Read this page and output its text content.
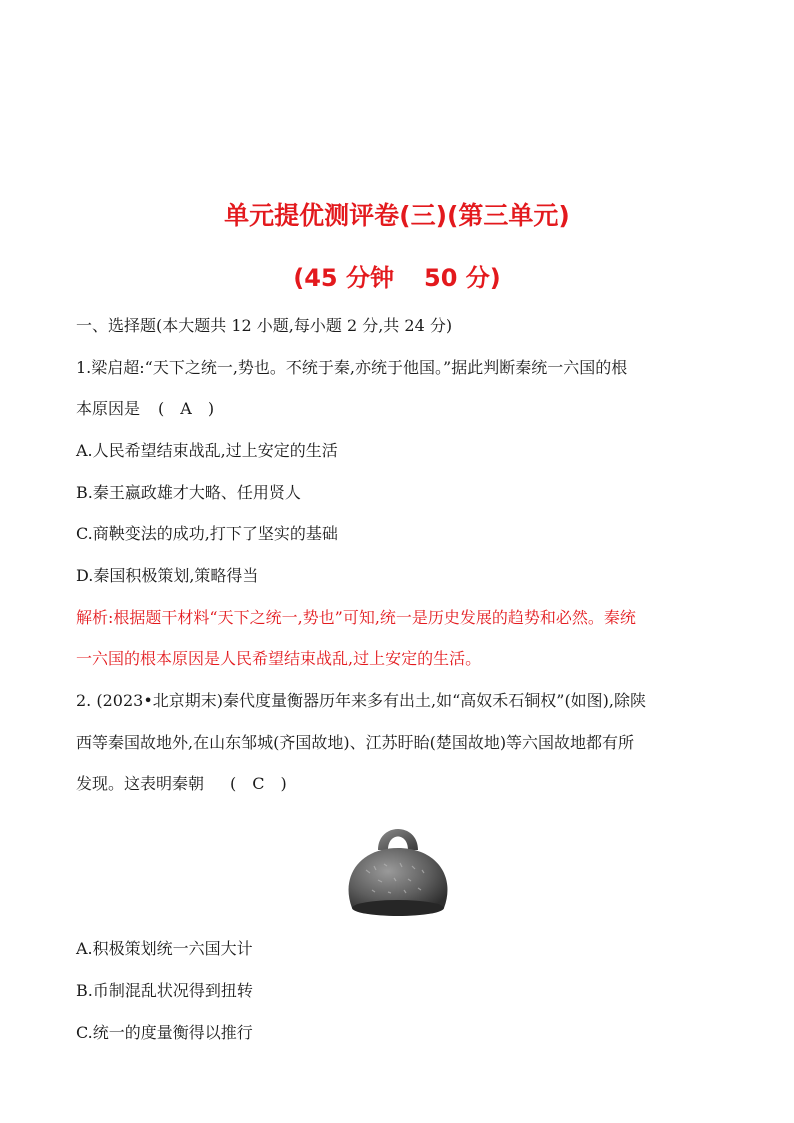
单元提优测评卷(三)(第三单元)
(45 分钟 50 分)
一、选择题(本大题共 12 小题,每小题 2 分,共 24 分)
1.梁启超:“天下之统一,势也。不统于秦,亦统于他国。”据此判断秦统一六国的根
本原因是 (　A　)
A.人民希望结束战乱,过上安定的生活
B.秦王嬴政雄才大略、任用贤人
C.商鞅变法的成功,打下了坚实的基础
D.秦国积极策划,策略得当
解析:根据题干材料“天下之统一,势也”可知,统一是历史发展的趋势和必然。秦统
一六国的根本原因是人民希望结束战乱,过上安定的生活。
2. (2023•北京期末)秦代度量衡器历年来多有出土,如“高奴禾石铜权”(如图),除陕
西等秦国故地外,在山东邹城(齐国故地)、江苏盱眙(楚国故地)等六国故地都有所
发现。这表明秦朝 (　C　)
A.积极策划统一六国大计
B.币制混乱状况得到扭转
C.统一的度量衡得以推行
